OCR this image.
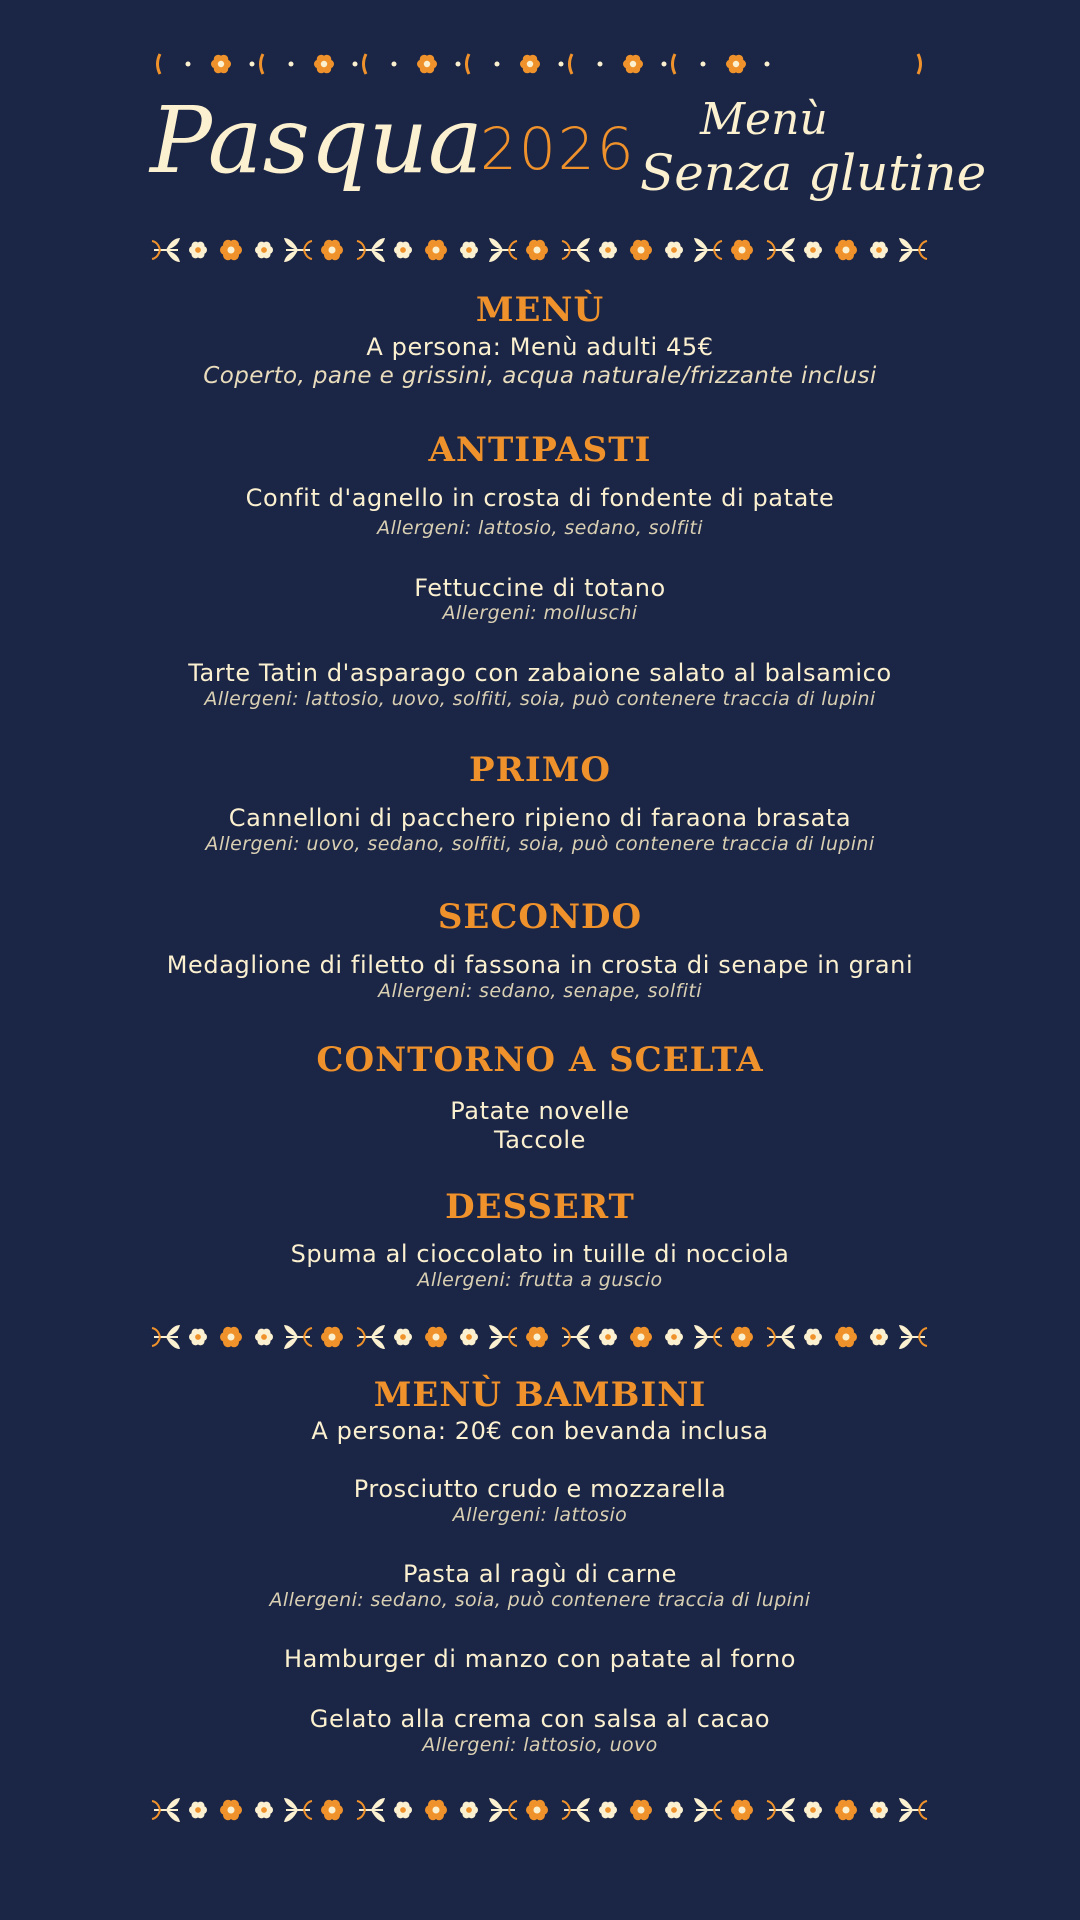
Pasqua
2026 Menù
Senza glutine
MENÙ
A persona: Menù adulti 45€
Coperto, pane e grissini, acqua naturale/frizzante inclusi
ANTIPASTI
Confit d'agnello in crosta di fondente di patate
Allergeni: lattosio, sedano, solfiti
Fettuccine di totano
Allergeni: molluschi
Tarte Tatin d'asparago con zabaione salato al balsamico
Allergeni: lattosio, uovo, solfiti, soia, può contenere traccia di lupini
PRIMO
Cannelloni di pacchero ripieno di faraona brasata
Allergeni: uovo, sedano, solfiti, soia, può contenere traccia di lupini
SECONDO
Medaglione di filetto di fassona in crosta di senape in grani
Allergeni: sedano, senape, solfiti
CONTORNO A SCELTA
Patate novelle
Taccole
DESSERT
Spuma al cioccolato in tuille di nocciola
Allergeni: frutta a guscio
MENÙ BAMBINI
A persona: 20€ con bevanda inclusa
Prosciutto crudo e mozzarella
Allergeni: lattosio
Pasta al ragù di carne
Allergeni: sedano, soia, può contenere traccia di lupini
Hamburger di manzo con patate al forno
Gelato alla crema con salsa al cacao
Allergeni: lattosio, uovo
